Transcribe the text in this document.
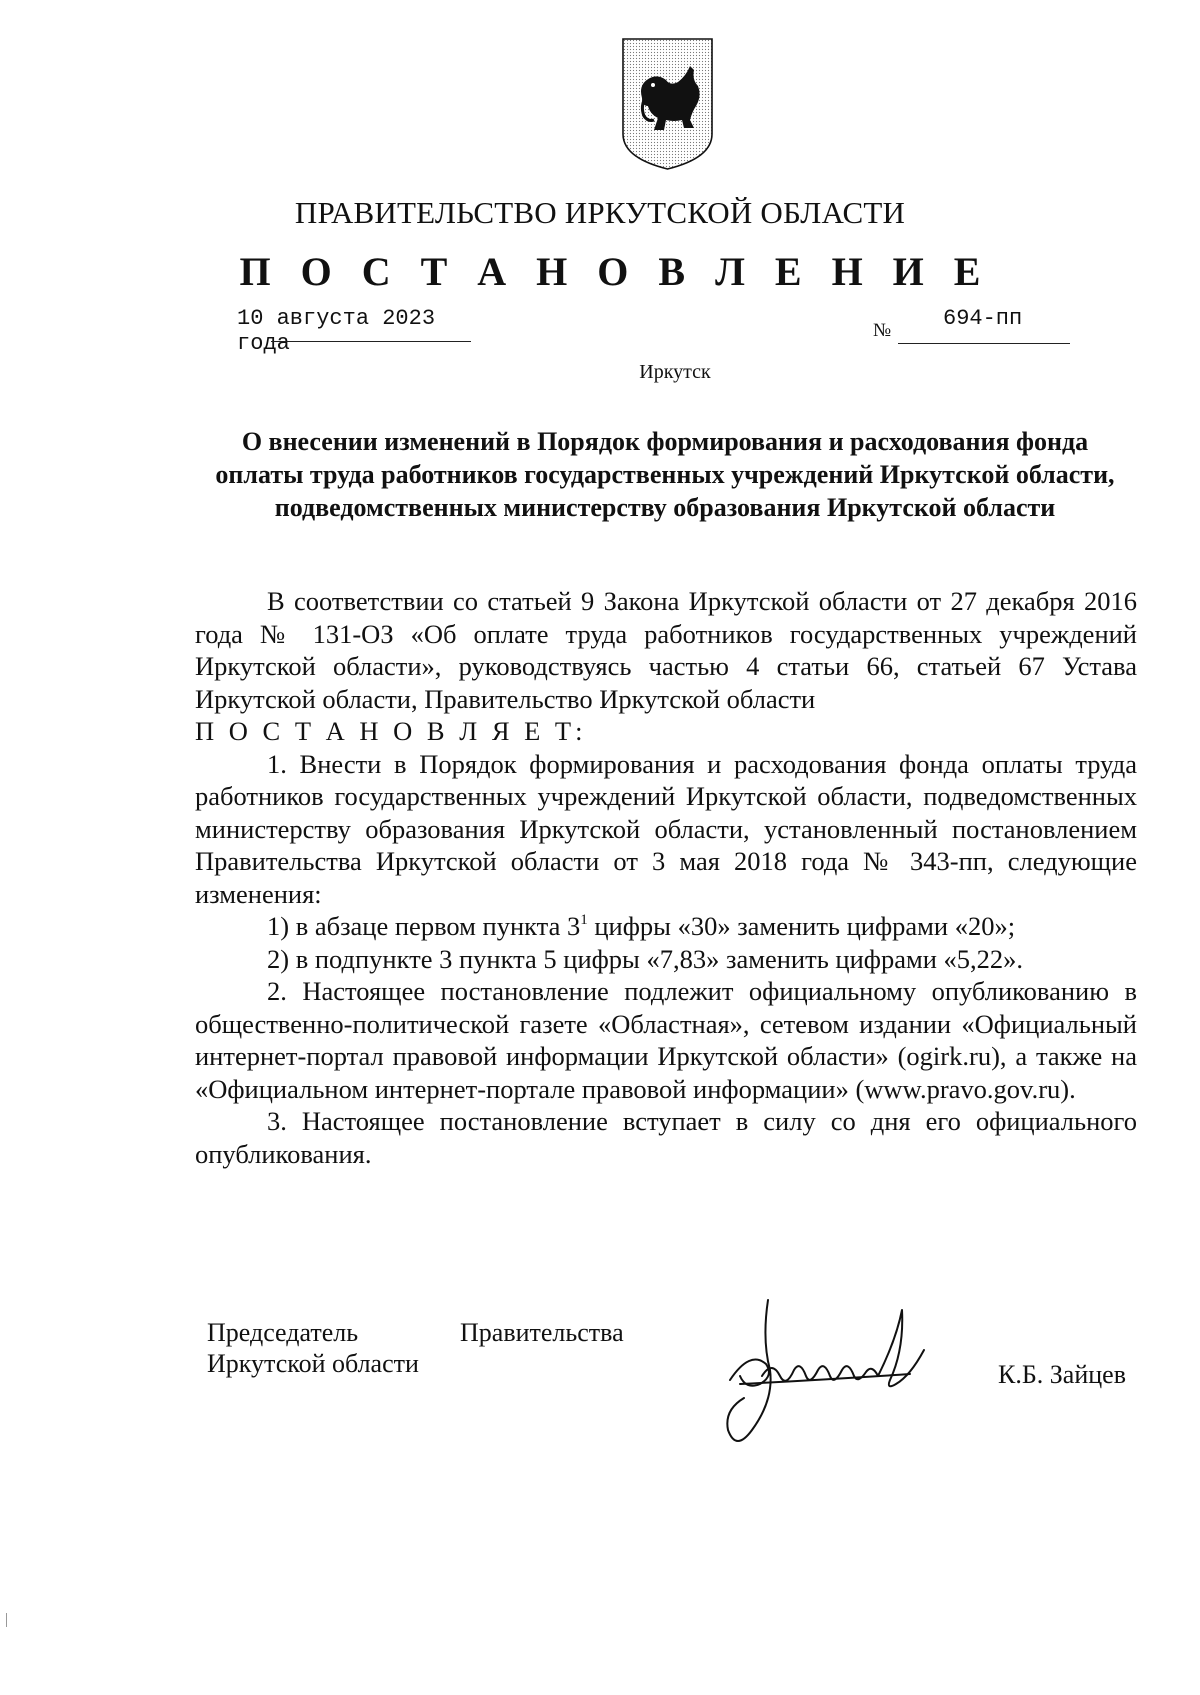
ПРАВИТЕЛЬСТВО ИРКУТСКОЙ ОБЛАСТИ
П О С Т А Н О В Л Е Н И Е
10 августа 2023 года
№ 694-пп
Иркутск
О внесении изменений в Порядок формирования и расходования фонда оплаты труда работников государственных учреждений Иркутской области, подведомственных министерству образования Иркутской области

В соответствии со статьей 9 Закона Иркутской области от 27 декабря 2016 года № 131-ОЗ «Об оплате труда работников государственных учреждений Иркутской области», руководствуясь частью 4 статьи 66, статьей 67 Устава Иркутской области, Правительство Иркутской области

П О С Т А Н О В Л Я Е Т:

1. Внести в Порядок формирования и расходования фонда оплаты труда работников государственных учреждений Иркутской области, подведомственных министерству образования Иркутской области, установленный постановлением Правительства Иркутской области от 3 мая 2018 года № 343-пп, следующие изменения:

1) в абзаце первом пункта $3^1$ цифры «30» заменить цифрами «20»;

2) в подпункте 3 пункта 5 цифры «7,83» заменить цифрами «5,22».

2. Настоящее постановление подлежит официальному опубликованию в общественно-политической газете «Областная», сетевом издании «Официальный интернет-портал правовой информации Иркутской области» (ogirk.ru), а также на «Официальном интернет-портале правовой информации» (www.pravo.gov.ru).

3. Настоящее постановление вступает в силу со дня его официального опубликования.

Председатель	Правительства
Иркутской области	К.Б. Зайцев
